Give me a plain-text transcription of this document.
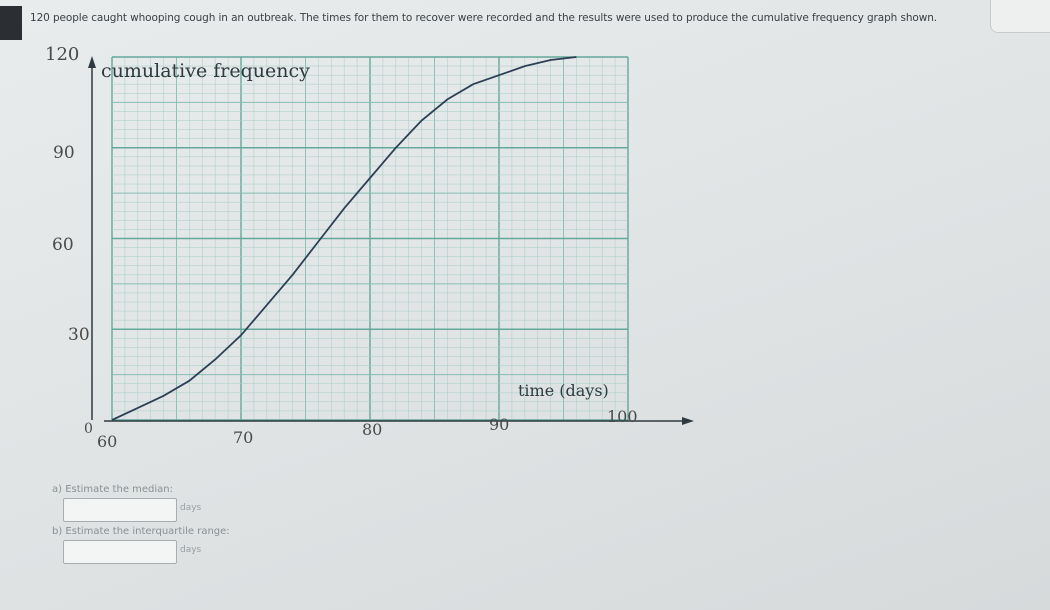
120 people caught whooping cough in an outbreak. The times for them to recover were recorded and the results were used to produce the cumulative frequency graph shown.
0
30
60
90
120
60	70	80	90	100
cumulative frequency
time (days)
a) Estimate the median:
days
b) Estimate the interquartile range:
days
